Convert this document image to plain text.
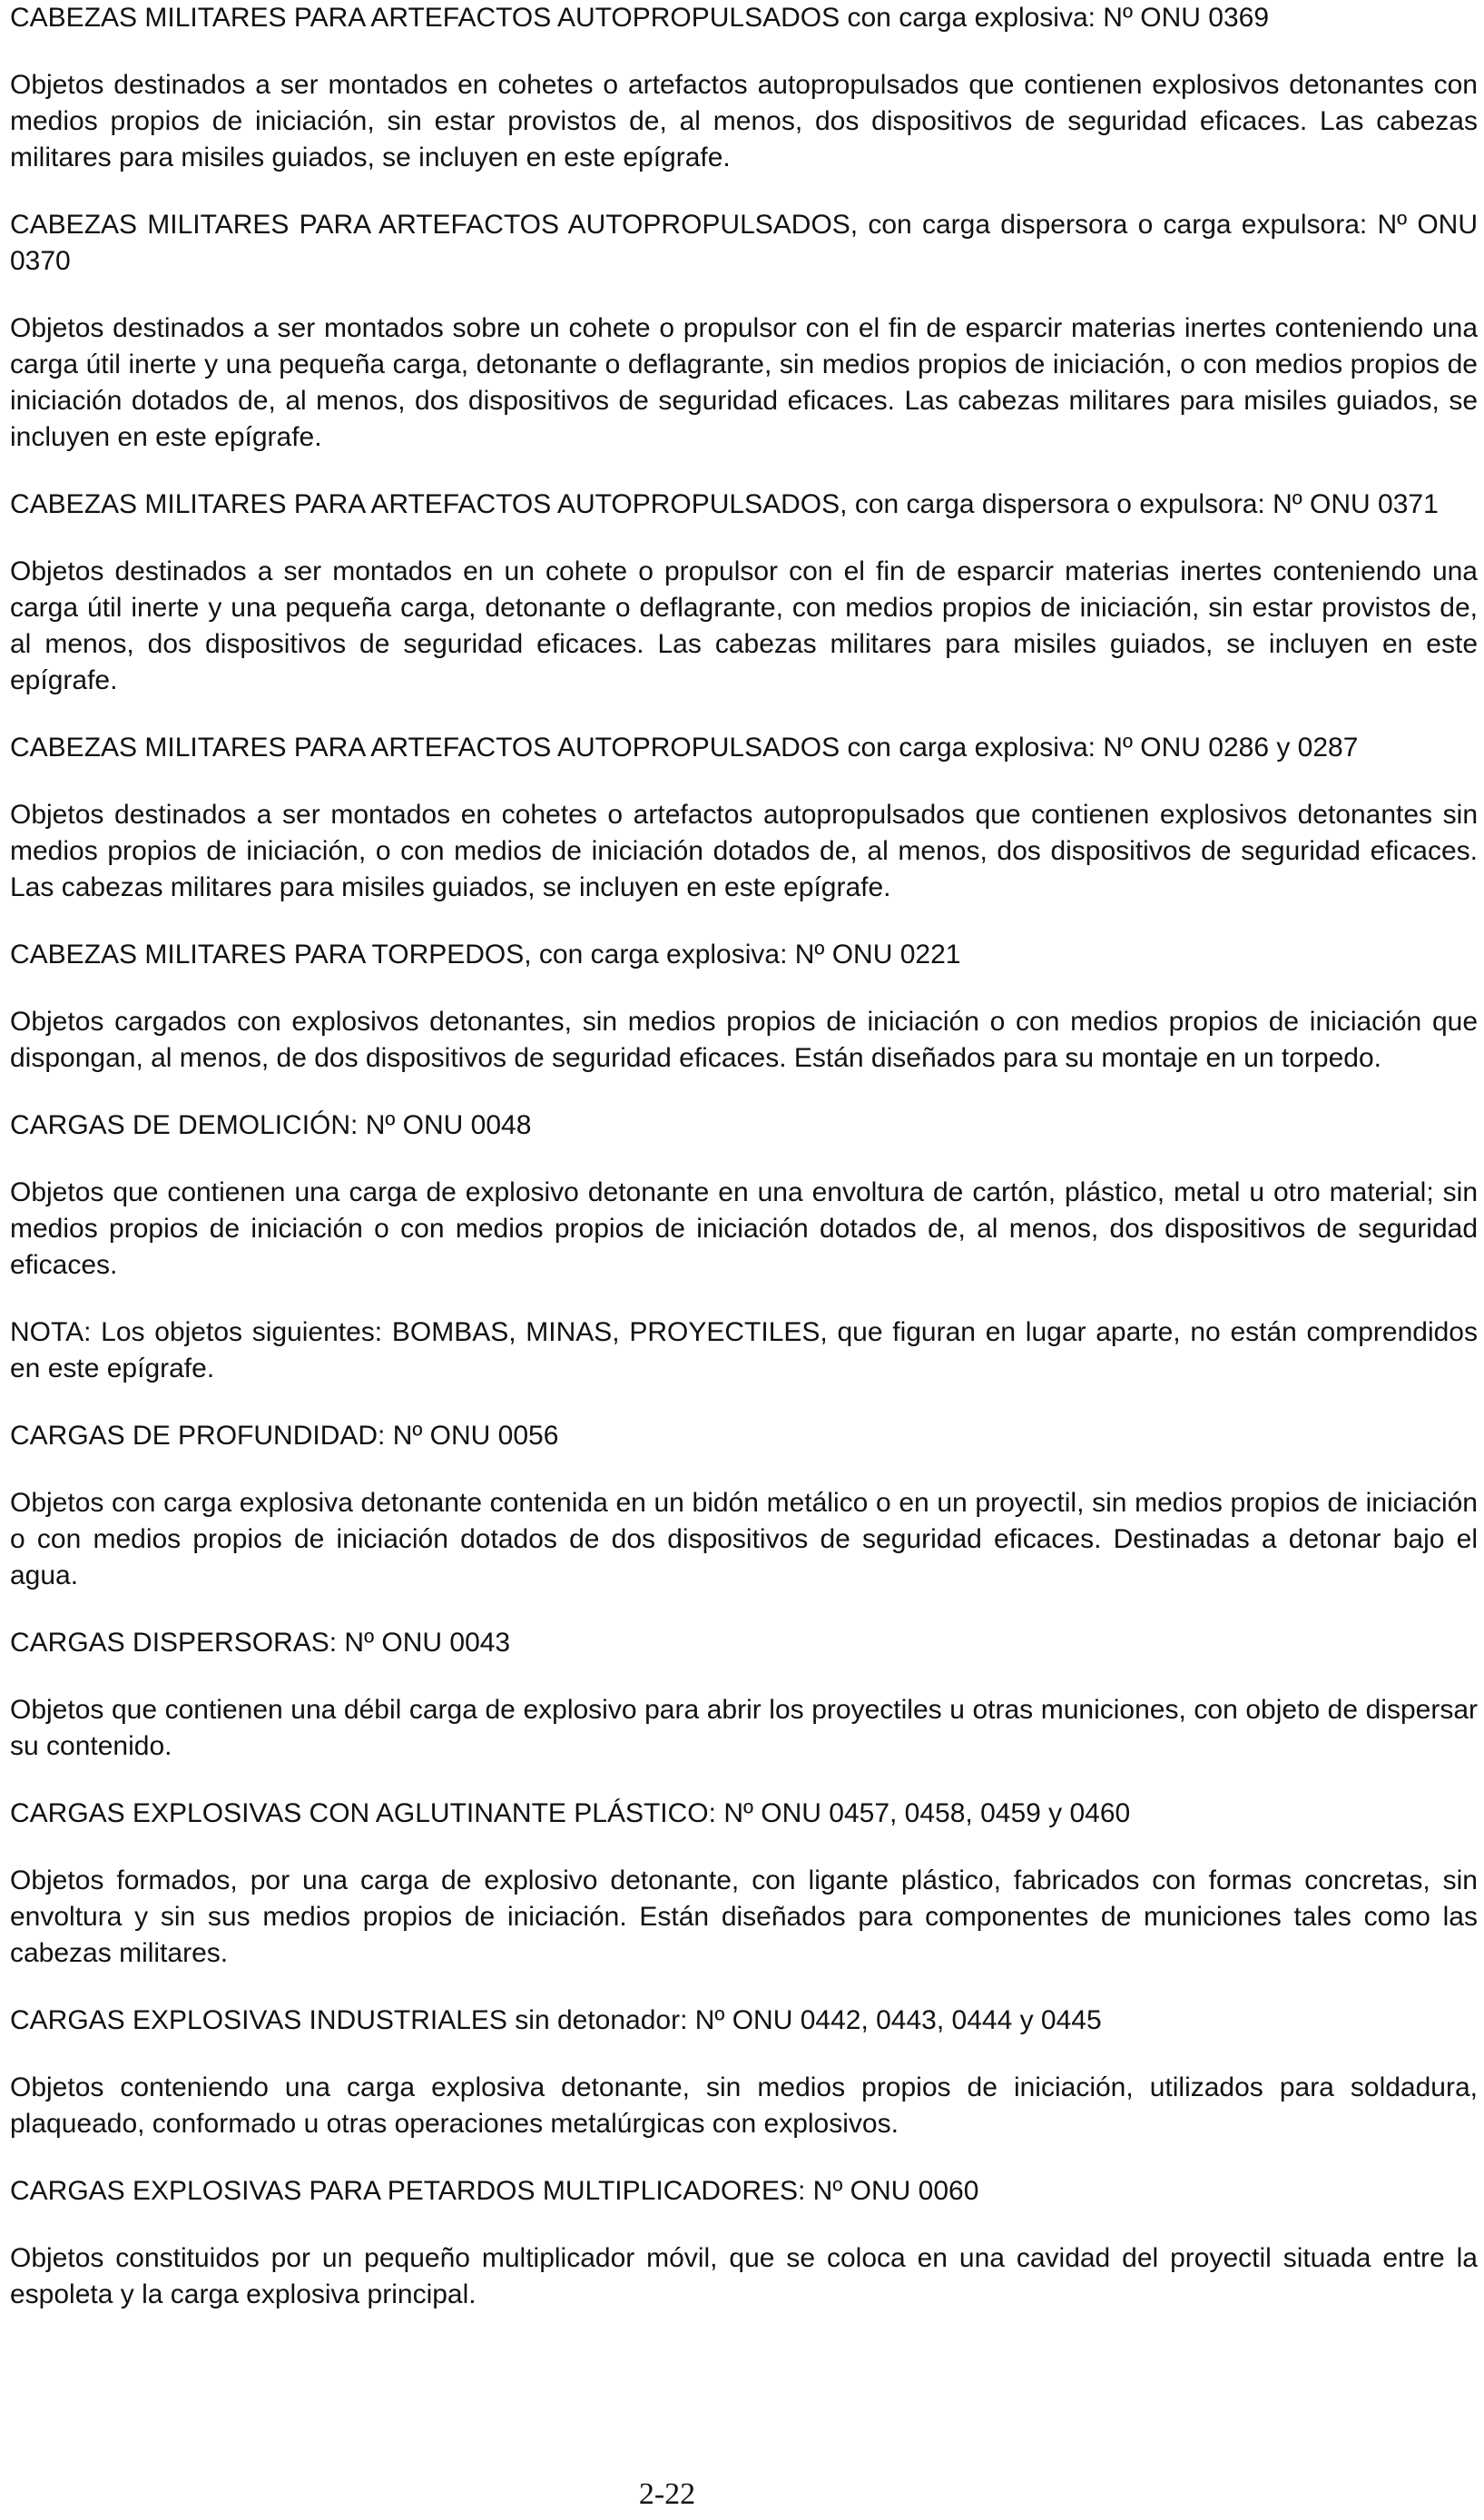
CABEZAS MILITARES PARA ARTEFACTOS AUTOPROPULSADOS con carga explosiva: Nº ONU 0369

Objetos destinados a ser montados en cohetes o artefactos autopropulsados que contienen explosivos detonantes con medios propios de iniciación, sin estar provistos de, al menos, dos dispositivos de seguridad eficaces. Las cabezas militares para misiles guiados, se incluyen en este epígrafe.

CABEZAS MILITARES PARA ARTEFACTOS AUTOPROPULSADOS, con carga dispersora o carga expulsora: Nº ONU 0370

Objetos destinados a ser montados sobre un cohete o propulsor con el fin de esparcir materias inertes conteniendo una carga útil inerte y una pequeña carga, detonante o deflagrante, sin medios propios de iniciación, o con medios propios de iniciación dotados de, al menos, dos dispositivos de seguridad eficaces. Las cabezas militares para misiles guiados, se incluyen en este epígrafe.

CABEZAS MILITARES PARA ARTEFACTOS AUTOPROPULSADOS, con carga dispersora o expulsora: Nº ONU 0371

Objetos destinados a ser montados en un cohete o propulsor con el fin de esparcir materias inertes conteniendo una carga útil inerte y una pequeña carga, detonante o deflagrante, con medios propios de iniciación, sin estar provistos de, al menos, dos dispositivos de seguridad eficaces. Las cabezas militares para misiles guiados, se incluyen en este epígrafe.

CABEZAS MILITARES PARA ARTEFACTOS AUTOPROPULSADOS con carga explosiva: Nº ONU 0286 y 0287

Objetos destinados a ser montados en cohetes o artefactos autopropulsados que contienen explosivos detonantes sin medios propios de iniciación, o con medios de iniciación dotados de, al menos, dos dispositivos de seguridad eficaces. Las cabezas militares para misiles guiados, se incluyen en este epígrafe.

CABEZAS MILITARES PARA TORPEDOS, con carga explosiva: Nº ONU 0221

Objetos cargados con explosivos detonantes, sin medios propios de iniciación o con medios propios de iniciación que dispongan, al menos, de dos dispositivos de seguridad eficaces. Están diseñados para su montaje en un torpedo.

CARGAS DE DEMOLICIÓN: Nº ONU 0048

Objetos que contienen una carga de explosivo detonante en una envoltura de cartón, plástico, metal u otro material; sin medios propios de iniciación o con medios propios de iniciación dotados de, al menos, dos dispositivos de seguridad eficaces.

NOTA: Los objetos siguientes: BOMBAS, MINAS, PROYECTILES, que figuran en lugar aparte, no están comprendidos en este epígrafe.

CARGAS DE PROFUNDIDAD: Nº ONU 0056

Objetos con carga explosiva detonante contenida en un bidón metálico o en un proyectil, sin medios propios de iniciación o con medios propios de iniciación dotados de dos dispositivos de seguridad eficaces. Destinadas a detonar bajo el agua.

CARGAS DISPERSORAS: Nº ONU 0043

Objetos que contienen una débil carga de explosivo para abrir los proyectiles u otras municiones, con objeto de dispersar su contenido.

CARGAS EXPLOSIVAS CON AGLUTINANTE PLÁSTICO: Nº ONU 0457, 0458, 0459 y 0460

Objetos formados, por una carga de explosivo detonante, con ligante plástico, fabricados con formas concretas, sin envoltura y sin sus medios propios de iniciación. Están diseñados para componentes de municiones tales como las cabezas militares.

CARGAS EXPLOSIVAS INDUSTRIALES sin detonador: Nº ONU 0442, 0443, 0444 y 0445

Objetos conteniendo una carga explosiva detonante, sin medios propios de iniciación, utilizados para soldadura, plaqueado, conformado u otras operaciones metalúrgicas con explosivos.

CARGAS EXPLOSIVAS PARA PETARDOS MULTIPLICADORES: Nº ONU 0060

Objetos constituidos por un pequeño multiplicador móvil, que se coloca en una cavidad del proyectil situada entre la espoleta y la carga explosiva principal.

2-22
